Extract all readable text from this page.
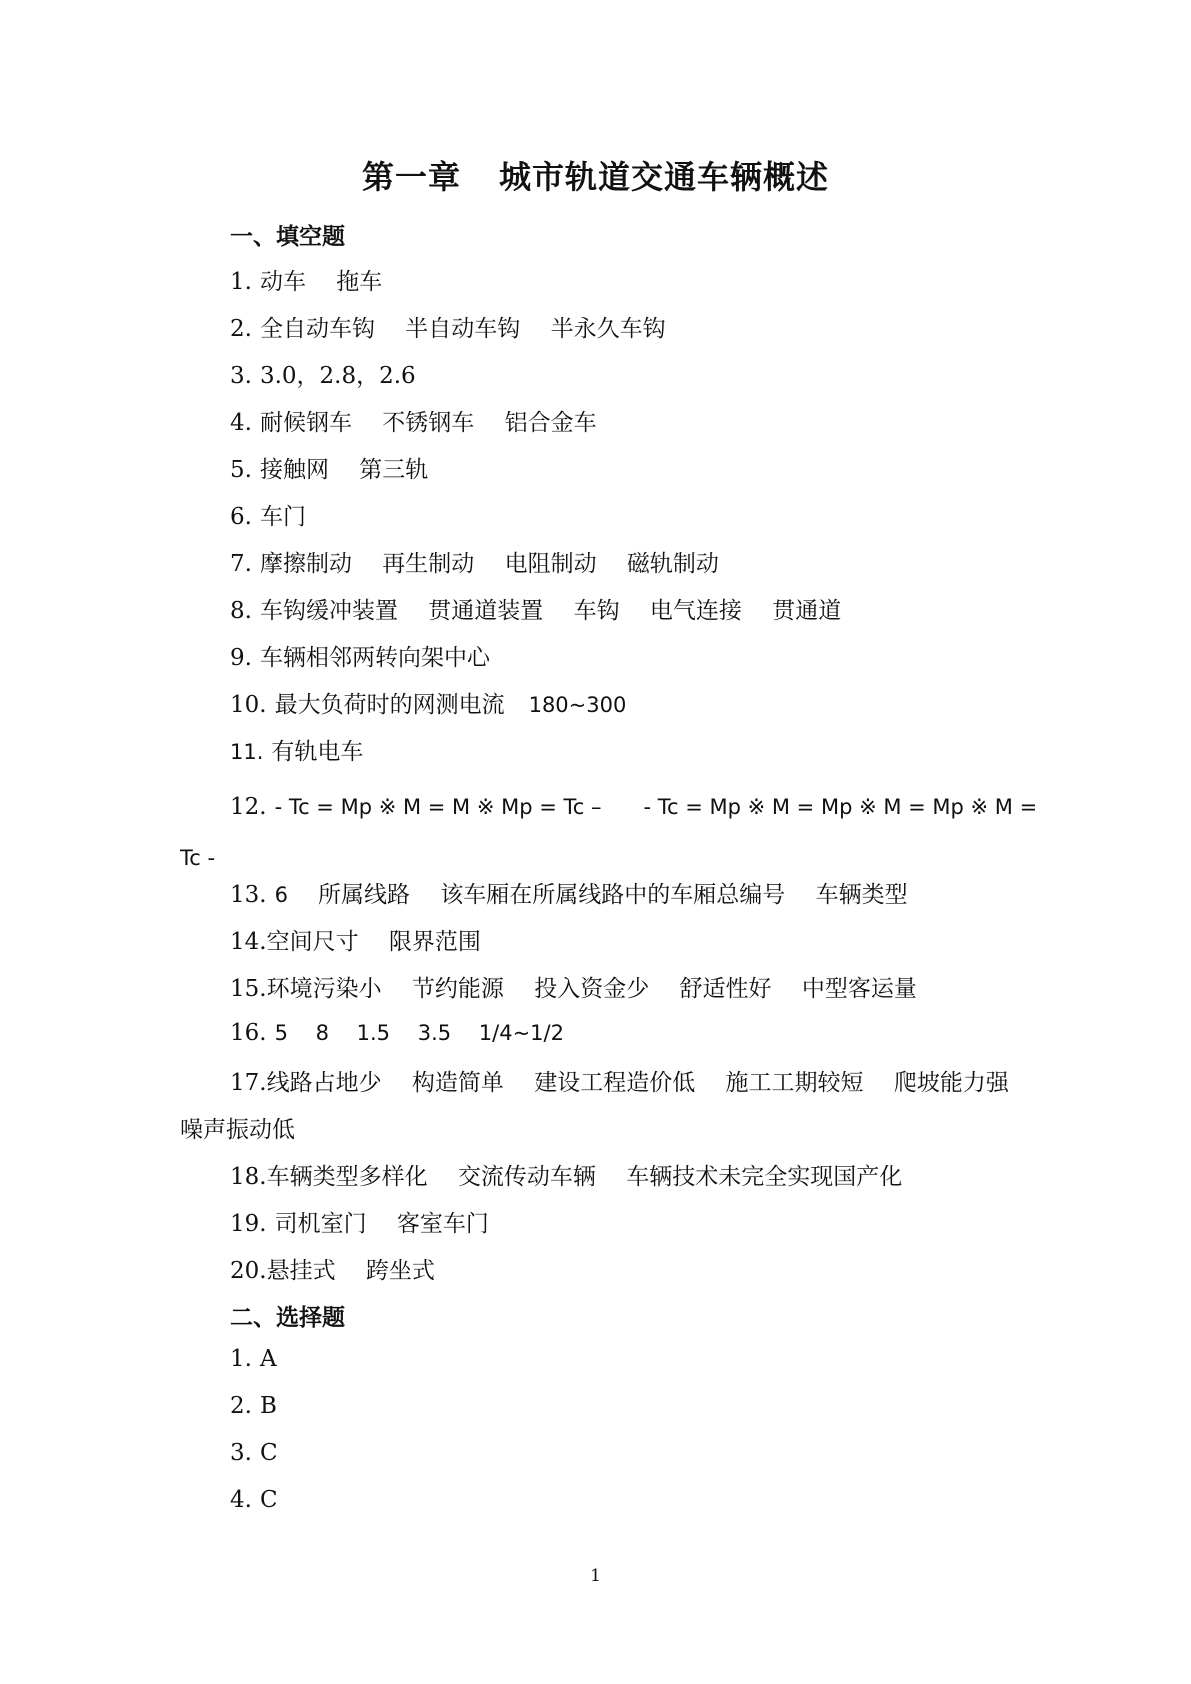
第一章 城市轨道交通车辆概述
一、填空题
1. 动车　 拖车
2. 全自动车钩　 半自动车钩　 半永久车钩
3. 3.0，2.8，2.6
4. 耐候钢车　 不锈钢车　 铝合金车
5. 接触网　 第三轨
6. 车门
7. 摩擦制动　 再生制动　 电阻制动　 磁轨制动
8. 车钩缓冲装置　 贯通道装置　 车钩　 电气连接　 贯通道
9. 车辆相邻两转向架中心
10. 最大负荷时的网测电流 180~300
11. 有轨电车
12. - Tc = Mp ※ M = M ※ Mp = Tc –　　- Tc = Mp ※ M = Mp ※ M = Mp ※ M =
Tc -
13. 6 所属线路　 该车厢在所属线路中的车厢总编号　 车辆类型
14.空间尺寸　 限界范围
15.环境污染小　 节约能源　 投入资金少　 舒适性好　 中型客运量
16. 5　 8　 1.5　 3.5　 1/4~1/2
17.线路占地少　 构造简单　 建设工程造价低　 施工工期较短　 爬坡能力强
噪声振动低
18.车辆类型多样化　 交流传动车辆　 车辆技术未完全实现国产化
19. 司机室门　 客室车门
20.悬挂式　 跨坐式
二、选择题
1. A
2. B
3. C
4. C
1
